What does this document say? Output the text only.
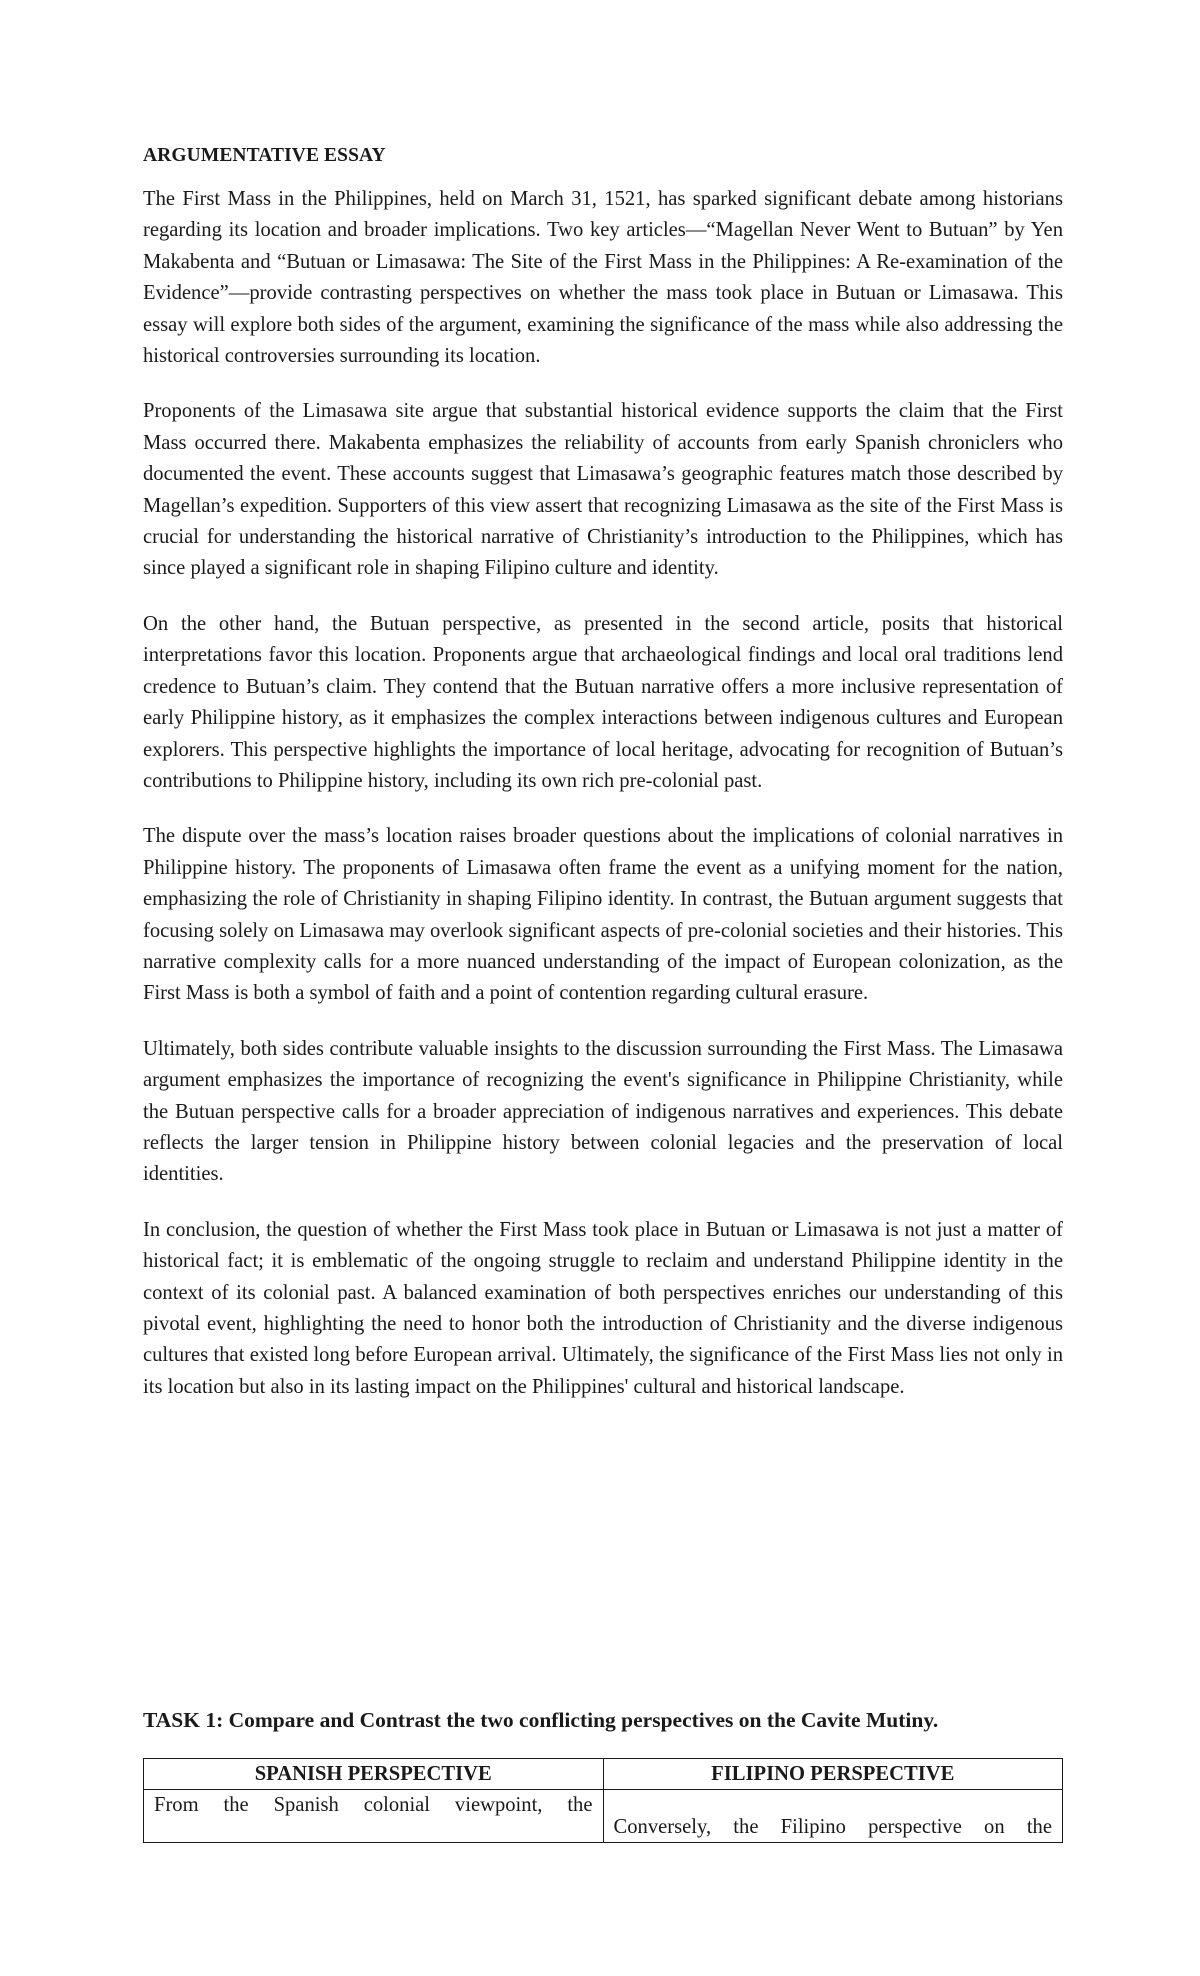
ARGUMENTATIVE ESSAY

The First Mass in the Philippines, held on March 31, 1521, has sparked significant debate among historians regarding its location and broader implications. Two key articles—“Magellan Never Went to Butuan” by Yen Makabenta and “Butuan or Limasawa: The Site of the First Mass in the Philippines: A Re-examination of the Evidence”—provide contrasting perspectives on whether the mass took place in Butuan or Limasawa. This essay will explore both sides of the argument, examining the significance of the mass while also addressing the historical controversies surrounding its location.

Proponents of the Limasawa site argue that substantial historical evidence supports the claim that the First Mass occurred there. Makabenta emphasizes the reliability of accounts from early Spanish chroniclers who documented the event. These accounts suggest that Limasawa’s geographic features match those described by Magellan’s expedition. Supporters of this view assert that recognizing Limasawa as the site of the First Mass is crucial for understanding the historical narrative of Christianity’s introduction to the Philippines, which has since played a significant role in shaping Filipino culture and identity.

On the other hand, the Butuan perspective, as presented in the second article, posits that historical interpretations favor this location. Proponents argue that archaeological findings and local oral traditions lend credence to Butuan’s claim. They contend that the Butuan narrative offers a more inclusive representation of early Philippine history, as it emphasizes the complex interactions between indigenous cultures and European explorers. This perspective highlights the importance of local heritage, advocating for recognition of Butuan’s contributions to Philippine history, including its own rich pre-colonial past.

The dispute over the mass’s location raises broader questions about the implications of colonial narratives in Philippine history. The proponents of Limasawa often frame the event as a unifying moment for the nation, emphasizing the role of Christianity in shaping Filipino identity. In contrast, the Butuan argument suggests that focusing solely on Limasawa may overlook significant aspects of pre-colonial societies and their histories. This narrative complexity calls for a more nuanced understanding of the impact of European colonization, as the First Mass is both a symbol of faith and a point of contention regarding cultural erasure.

Ultimately, both sides contribute valuable insights to the discussion surrounding the First Mass. The Limasawa argument emphasizes the importance of recognizing the event's significance in Philippine Christianity, while the Butuan perspective calls for a broader appreciation of indigenous narratives and experiences. This debate reflects the larger tension in Philippine history between colonial legacies and the preservation of local identities.

In conclusion, the question of whether the First Mass took place in Butuan or Limasawa is not just a matter of historical fact; it is emblematic of the ongoing struggle to reclaim and understand Philippine identity in the context of its colonial past. A balanced examination of both perspectives enriches our understanding of this pivotal event, highlighting the need to honor both the introduction of Christianity and the diverse indigenous cultures that existed long before European arrival. Ultimately, the significance of the First Mass lies not only in its location but also in its lasting impact on the Philippines' cultural and historical landscape.

TASK 1: Compare and Contrast the two conflicting perspectives on the Cavite Mutiny.
SPANISH PERSPECTIVE	FILIPINO PERSPECTIVE
From the Spanish colonial viewpoint, the	Conversely, the Filipino perspective on the
